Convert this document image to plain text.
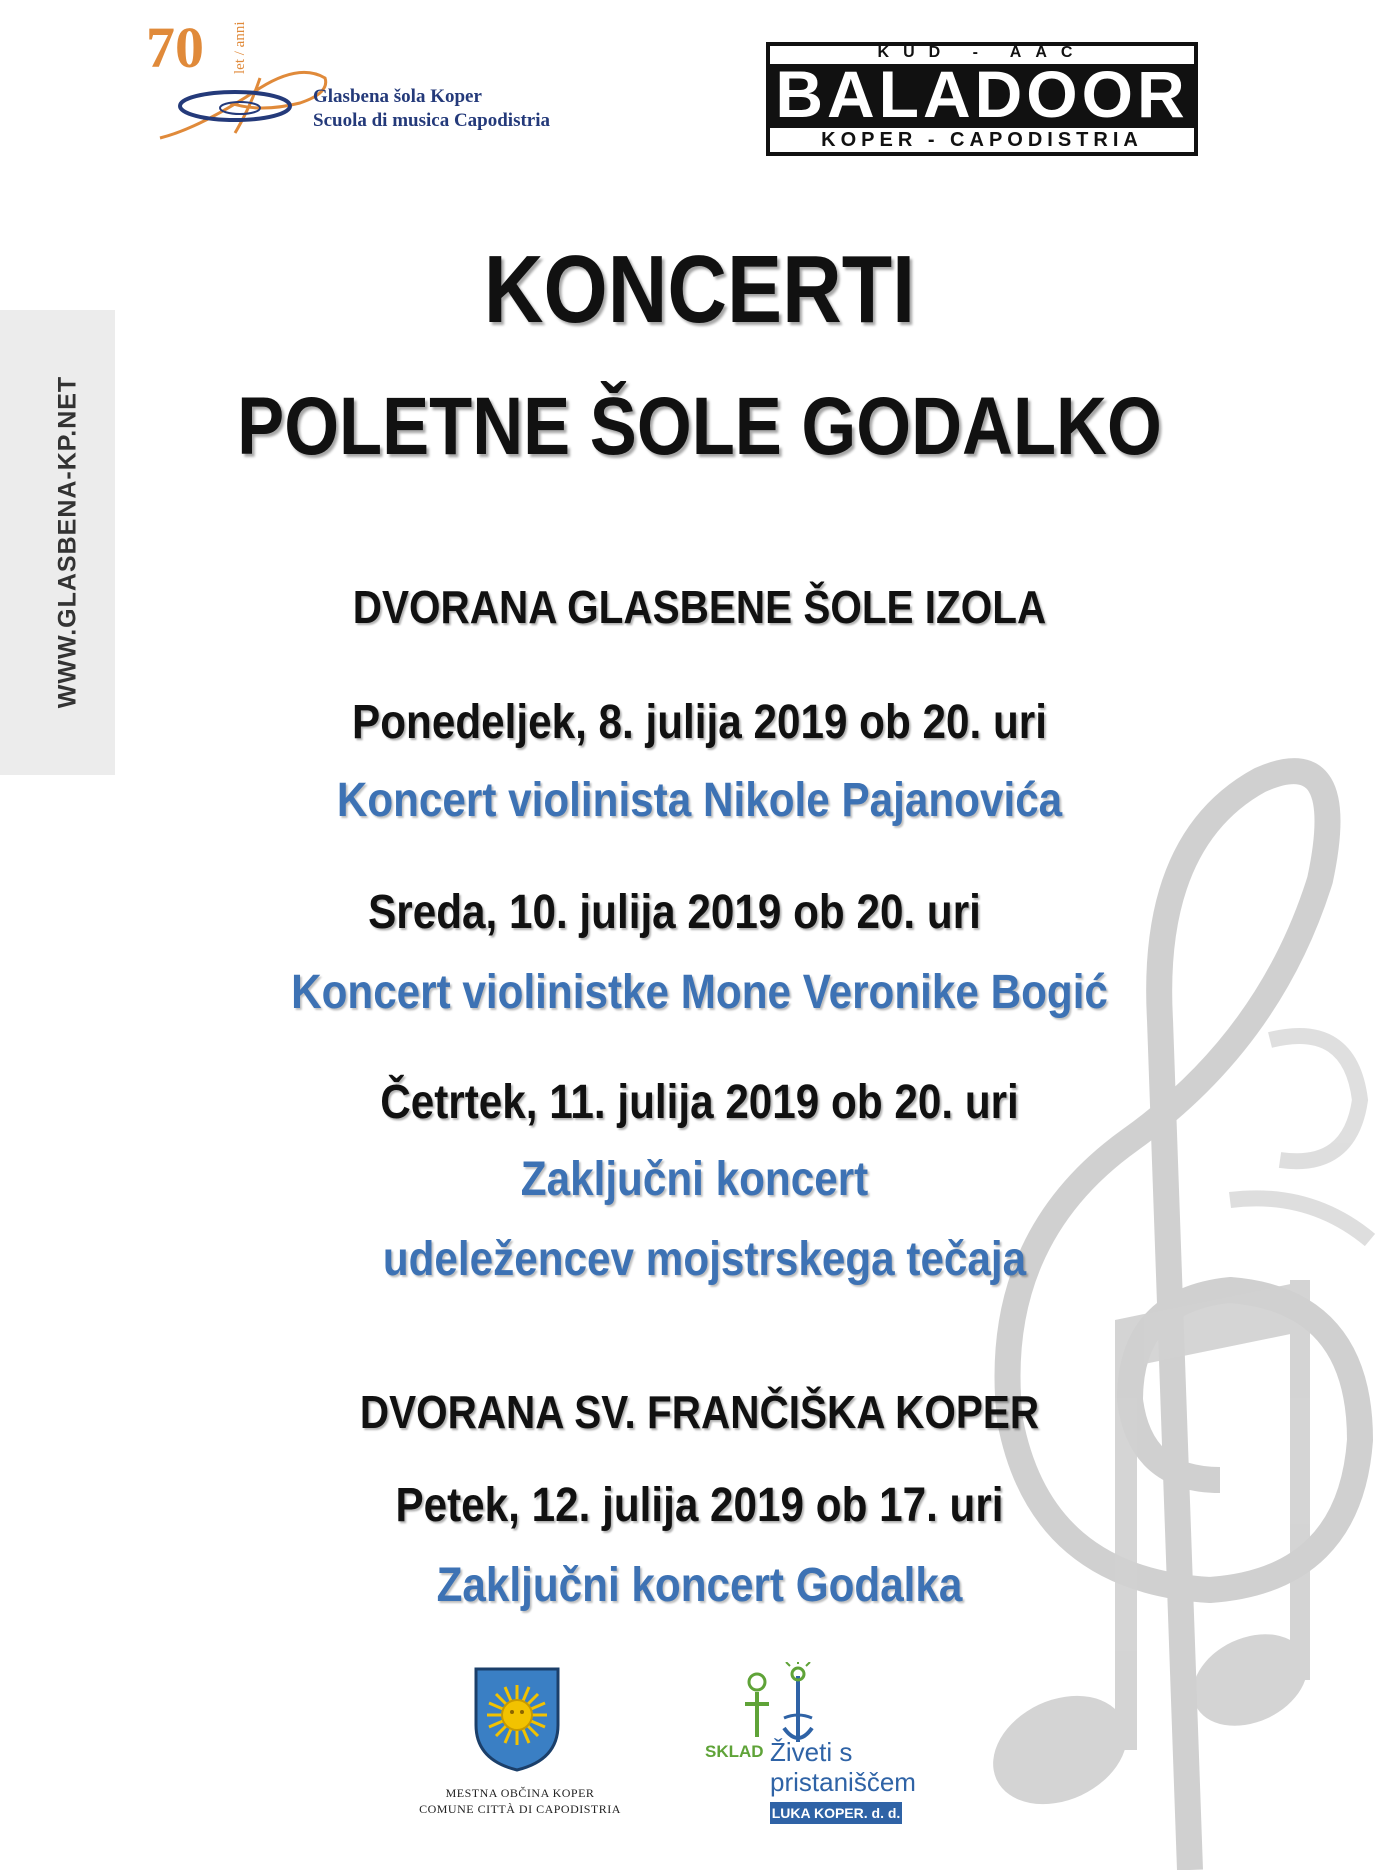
WWW.GLASBENA-KP.NET
70 let / anni
Glasbena šola Koper
Scuola di musica Capodistria
KUD - AAC
BALADOOR
KOPER - CAPODISTRIA
KONCERTI
POLETNE ŠOLE GODALKO
DVORANA GLASBENE ŠOLE IZOLA
Ponedeljek, 8. julija 2019 ob 20. uri
Koncert violinista Nikole Pajanovića
Sreda, 10. julija 2019 ob 20. uri
Koncert violinistke Mone Veronike Bogić
Četrtek, 11. julija 2019 ob 20. uri
Zaključni koncert
udeležencev mojstrskega tečaja
DVORANA SV. FRANČIŠKA KOPER
Petek, 12. julija 2019 ob 17. uri
Zaključni koncert Godalka
MESTNA OBČINA KOPER
COMUNE CITTÀ DI CAPODISTRIA
SKLAD Živeti s
pristaniščem
LUKA KOPER. d. d.
